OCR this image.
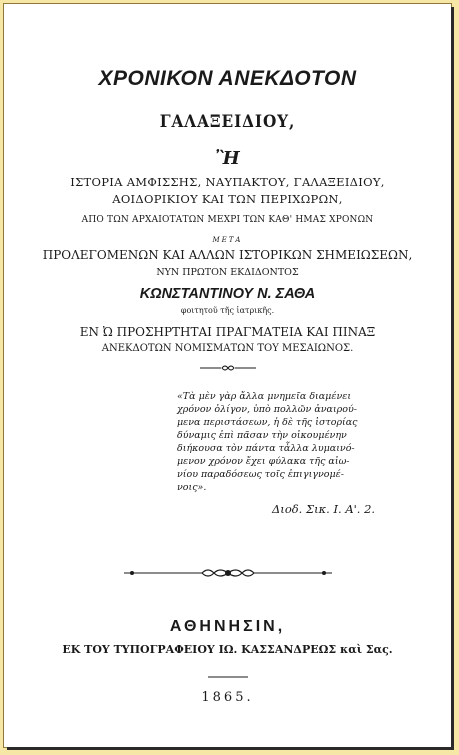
ΧΡΟΝΙΚΟΝ ΑΝΕΚΔΟΤΟΝ
ΓΑΛΑΞΕΙΔΙΟΥ,
Ἢ
ΙΣΤΟΡΙΑ ΑΜΦΙΣΣΗΣ, ΝΑΥΠΑΚΤΟΥ, ΓΑΛΑΞΕΙΔΙΟΥ,
ΑΟΙΔΟΡΙΚΙΟΥ ΚΑΙ ΤΩΝ ΠΕΡΙΧΩΡΩΝ,
ΑΠΟ ΤΩΝ ΑΡΧΑΙΟΤΑΤΩΝ ΜΕΧΡΙ ΤΩΝ ΚΑΘ' ΗΜΑΣ ΧΡΟΝΩΝ
ΜΕΤΑ
ΠΡΟΛΕΓΟΜΕΝΩΝ ΚΑΙ ΑΛΛΩΝ ΙΣΤΟΡΙΚΩΝ ΣΗΜΕΙΩΣΕΩΝ,
ΝΥΝ ΠΡΩΤΟΝ ΕΚΔΙΔΟΝΤΟΣ
ΚΩΝΣΤΑΝΤΙΝΟΥ Ν. ΣΑΘΑ
φοιτητοῦ τῆς ἰατρικῆς.
ΕΝ Ὠ ΠΡΟΣΗΡΤΗΤΑΙ ΠΡΑΓΜΑΤΕΙΑ ΚΑΙ ΠΙΝΑΞ
ΑΝΕΚΔΟΤΩΝ ΝΟΜΙΣΜΑΤΩΝ ΤΟΥ ΜΕΣΑΙΩΝΟΣ.
«Τὰ μὲν γὰρ ἄλλα μνημεῖα διαμένει
χρόνον ὀλίγον, ὑπὸ πολλῶν ἀναιρού-
μενα περιστάσεων, ἡ δὲ τῆς ἱστορίας
δύναμις ἐπὶ πᾶσαν τὴν οἰκουμένην
διήκουσα τὸν πάντα τἆλλα λυμαινό-
μενον χρόνον ἔχει φύλακα τῆς αἰω-
νίου παραδόσεως τοῖς ἐπιγιγνομέ-
νοις».
Διοδ. Σικ. Ι. Α'. 2.
ΑΘΗΝΗΣΙΝ,
ΕΚ ΤΟΥ ΤΥΠΟΓΡΑΦΕΙΟΥ ΙΩ. ΚΑΣΣΑΝΔΡΕΩΣ καὶ Σας.
1865.
